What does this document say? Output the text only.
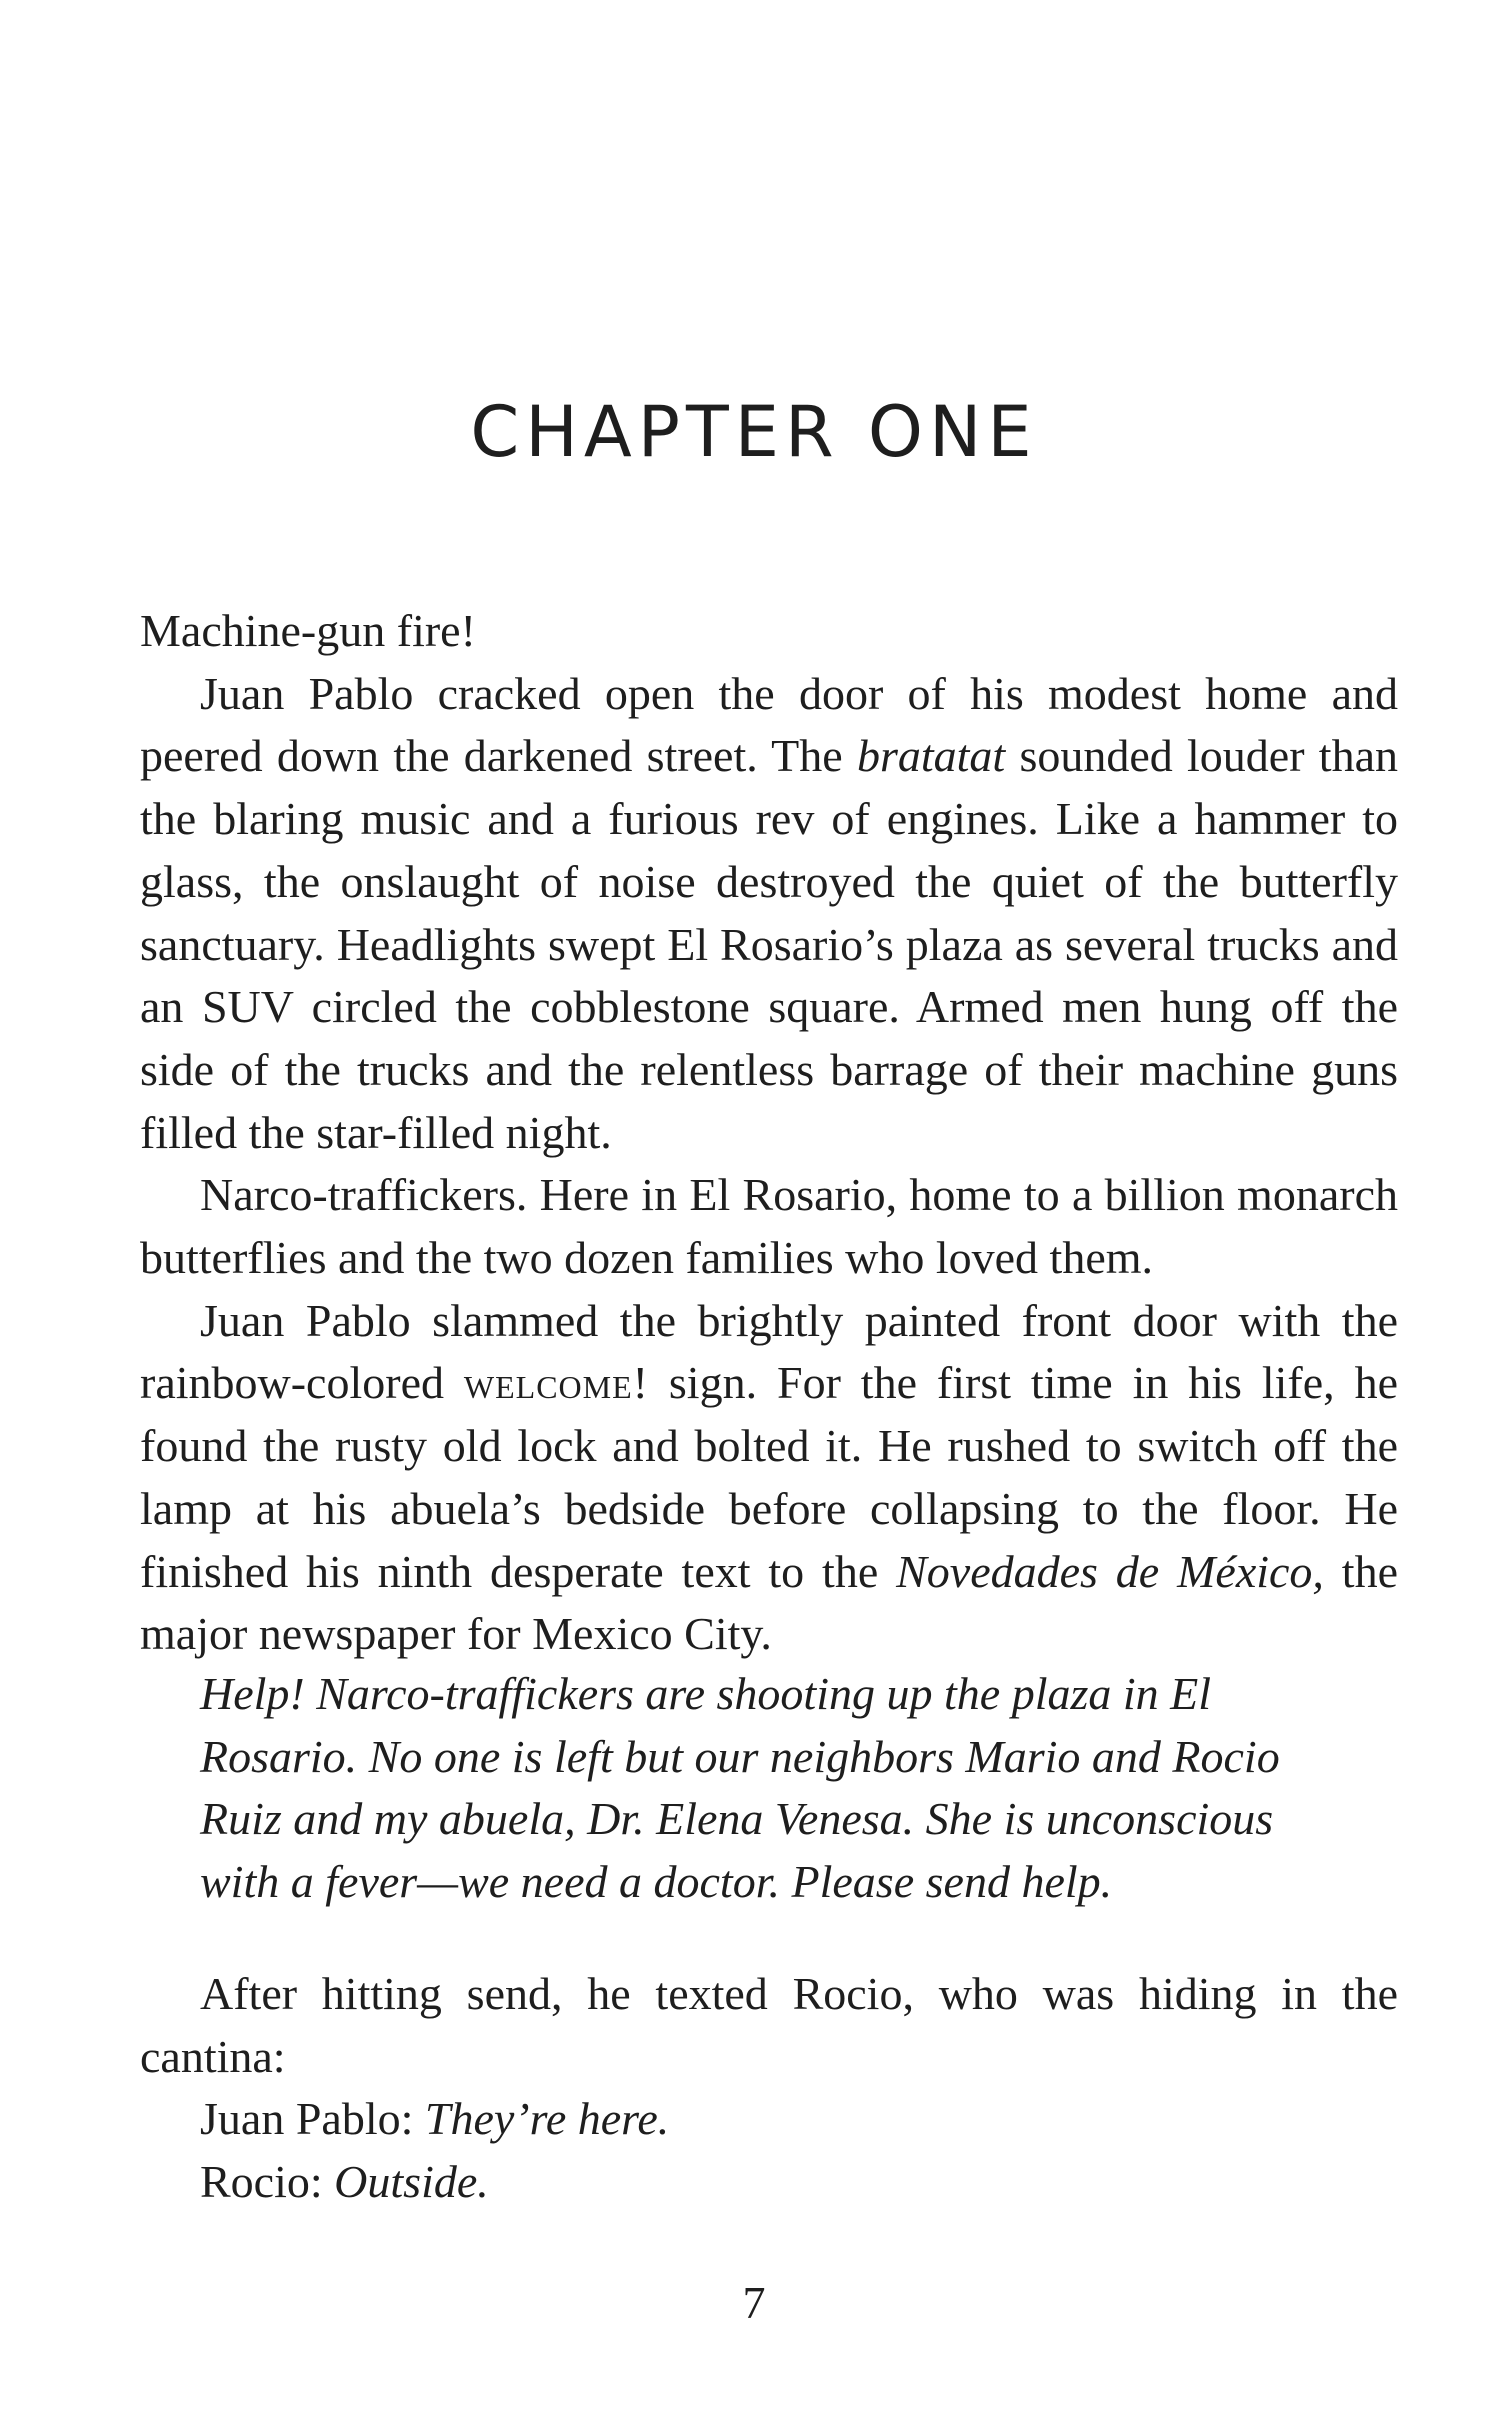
CHAPTER ONE

Machine-gun fire!

Juan Pablo cracked open the door of his modest home and peered down the darkened street. The bratatat sounded louder than the blaring music and a furious rev of engines. Like a hammer to glass, the onslaught of noise destroyed the quiet of the butterfly sanctuary. Headlights swept El Rosario’s plaza as several trucks and an SUV circled the cobblestone square. Armed men hung off the side of the trucks and the relentless barrage of their machine guns filled the star-filled night.

Narco-traffickers. Here in El Rosario, home to a billion monarch butterflies and the two dozen families who loved them.

Juan Pablo slammed the brightly painted front door with the rainbow-colored welcome! sign. For the first time in his life, he found the rusty old lock and bolted it. He rushed to switch off the lamp at his abuela’s bedside before collapsing to the floor. He finished his ninth desperate text to the Novedades de México, the major newspaper for Mexico City.

Help! Narco-traffickers are shooting up the plaza in El Rosario. No one is left but our neighbors Mario and Rocio Ruiz and my abuela, Dr. Elena Venesa. She is unconscious with a fever—we need a doctor. Please send help.

After hitting send, he texted Rocio, who was hiding in the cantina:

Juan Pablo: They’re here.

Rocio: Outside.

7
